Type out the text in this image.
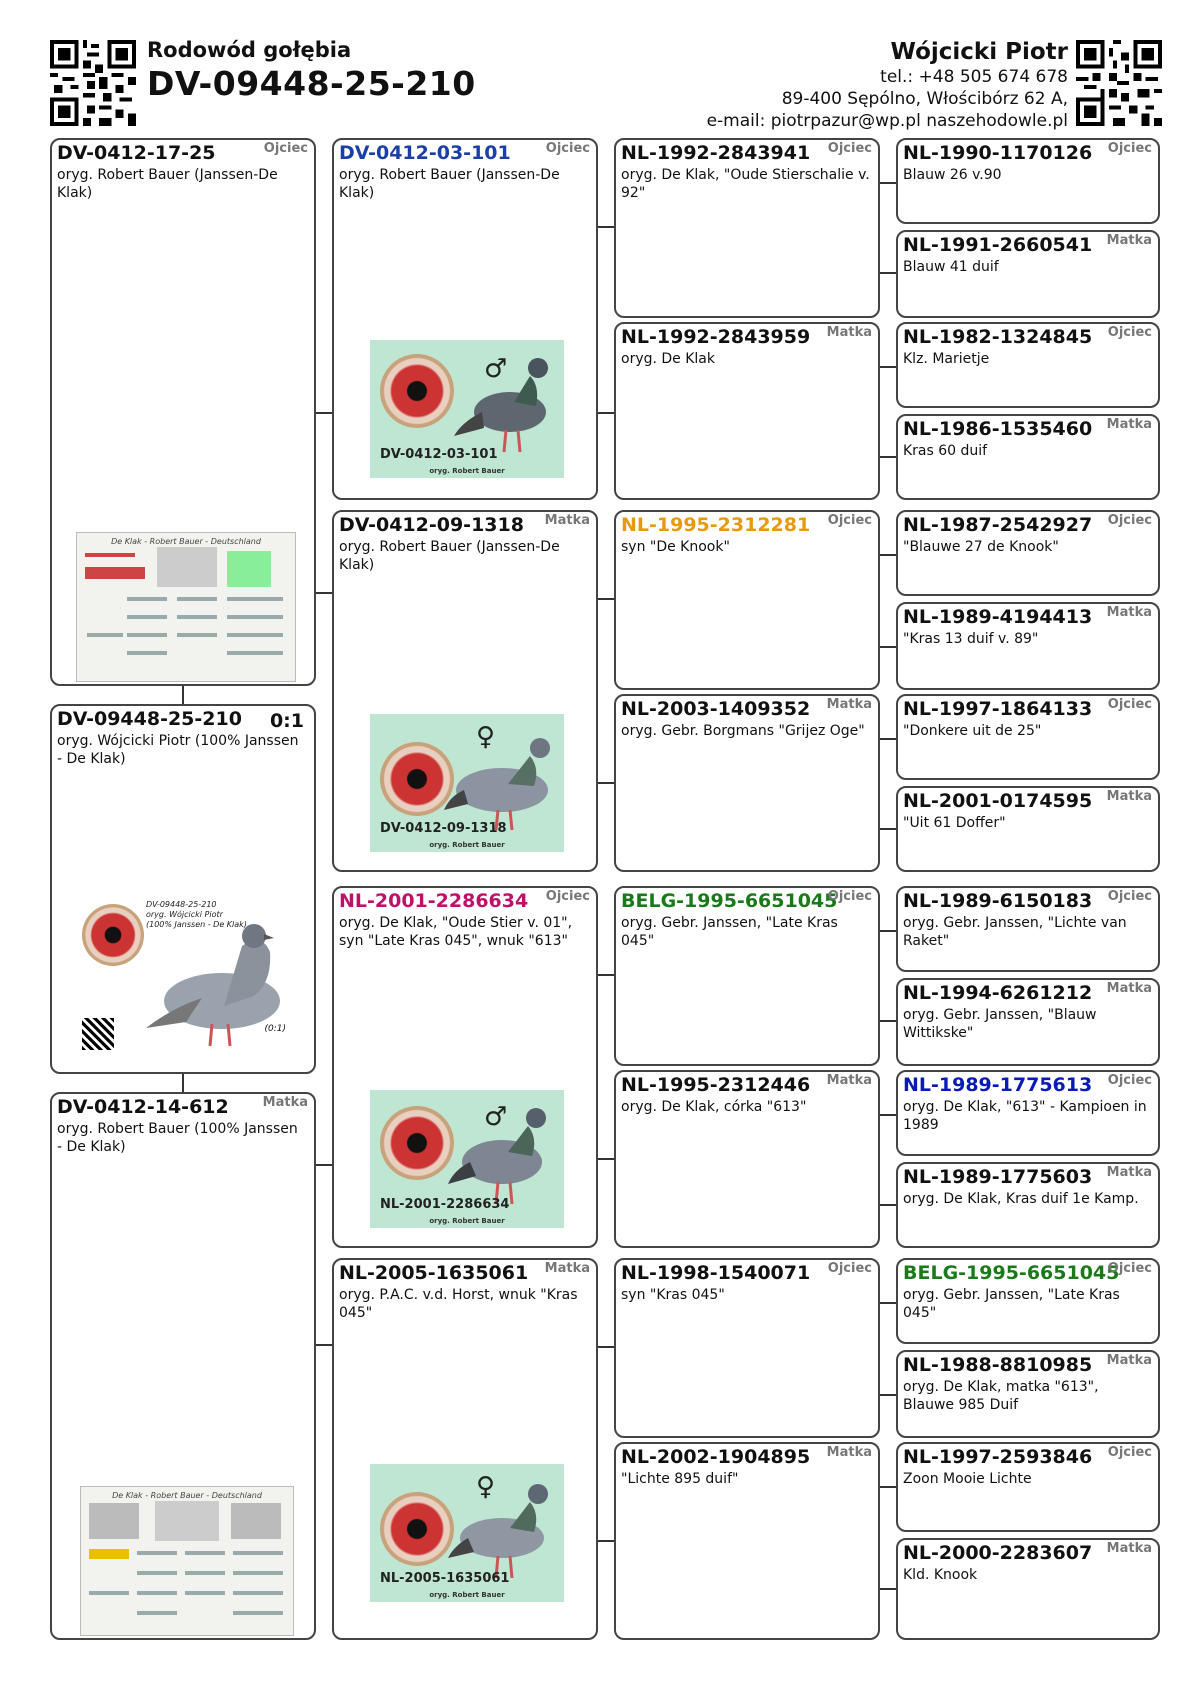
Rodowód gołębia
DV-09448-25-210
Wójcicki Piotr
tel.: +48 505 674 678
89-400 Sępólno, Włościbórz 62 A,
e-mail: piotrpazur@wp.pl naszehodowle.pl
DV-0412-17-25	Ojciec
oryg. Robert Bauer (Janssen-De Klak)
De Klak - Robert Bauer - Deutschland
DV-09448-25-210 0:1
oryg. Wójcicki Piotr (100% Janssen - De Klak)
DV-09448-25-210
oryg. Wójcicki Piotr
(100% Janssen - De Klak)
(0:1)
DV-0412-14-612	Matka
oryg. Robert Bauer (100% Janssen - De Klak)
De Klak - Robert Bauer - Deutschland
DV-0412-03-101	Ojciec
oryg. Robert Bauer (Janssen-De Klak)
♂
DV-0412-03-101
oryg. Robert Bauer
DV-0412-09-1318 Matka
oryg. Robert Bauer (Janssen-De Klak)
♀
DV-0412-09-1318
oryg. Robert Bauer
NL-2001-2286634 Ojciec
oryg. De Klak, "Oude Stier v. 01", syn "Late Kras 045", wnuk "613"
♂
NL-2001-2286634
oryg. Robert Bauer
NL-2005-1635061 Matka
oryg. P.A.C. v.d. Horst, wnuk "Kras 045"
♀
NL-2005-1635061
oryg. Robert Bauer
NL-1992-2843941 Ojciec
oryg. De Klak, "Oude Stierschalie v. 92"
NL-1992-2843959 Matka
oryg. De Klak
NL-1995-2312281 Ojciec
syn "De Knook"
NL-2003-1409352 Matka
oryg. Gebr. Borgmans "Grijez Oge"
BELG-1995-6651045
Ojciec
oryg. Gebr. Janssen, "Late Kras 045"
NL-1995-2312446 Matka
oryg. De Klak, córka "613"
NL-1998-1540071 Ojciec
syn "Kras 045"
NL-2002-1904895 Matka
"Lichte 895 duif"
NL-1990-1170126 Ojciec
Blauw 26 v.90
NL-1991-2660541 Matka
Blauw 41 duif
NL-1982-1324845 Ojciec
Klz. Marietje
NL-1986-1535460 Matka
Kras 60 duif
NL-1987-2542927 Ojciec
"Blauwe 27 de Knook"
NL-1989-4194413 Matka
"Kras 13 duif v. 89"
NL-1997-1864133 Ojciec
"Donkere uit de 25"
NL-2001-0174595 Matka
"Uit 61 Doffer"
NL-1989-6150183 Ojciec
oryg. Gebr. Janssen, "Lichte van Raket"
NL-1994-6261212 Matka
oryg. Gebr. Janssen, "Blauw Wittikske"
NL-1989-1775613 Ojciec
oryg. De Klak, "613" - Kampioen in 1989
NL-1989-1775603 Matka
oryg. De Klak, Kras duif 1e Kamp.
BELG-1995-6651045
Ojciec
oryg. Gebr. Janssen, "Late Kras 045"
NL-1988-8810985 Matka
oryg. De Klak, matka "613", Blauwe 985 Duif
NL-1997-2593846 Ojciec
Zoon Mooie Lichte
NL-2000-2283607 Matka
Kld. Knook
